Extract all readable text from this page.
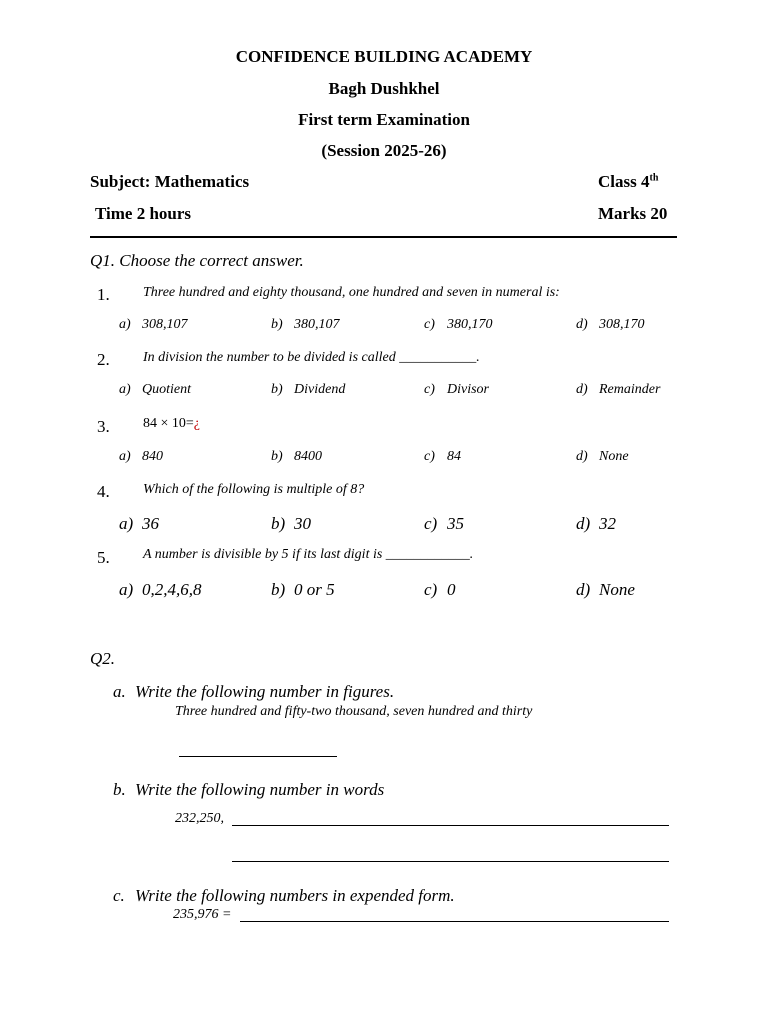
CONFIDENCE BUILDING ACADEMY
Bagh Dushkhel
First term Examination
(Session 2025-26)
Subject: Mathematics	Class 4th
Time 2 hours	Marks 20
Q1. Choose the correct answer.
1. Three hundred and eighty thousand, one hundred and seven in numeral is:
a) 308,107	b) 380,107	c) 380,170	d) 308,170
2. In division the number to be divided is called ___________.
a) Quotient	b) Dividend	c) Divisor	d) Remainder
3. 84 × 10=¿
a) 840	b) 8400	c) 84	d) None
4. Which of the following is multiple of 8?
a) 36	b) 30	c) 35	d) 32
5. A number is divisible by 5 if its last digit is ____________.
a) 0,2,4,6,8	b) 0 or 5	c) 0	d) None
Q2.
a. Write the following number in figures.
Three hundred and fifty-two thousand, seven hundred and thirty
b. Write the following number in words
232,250,
c. Write the following numbers in expended form.
235,976 =
